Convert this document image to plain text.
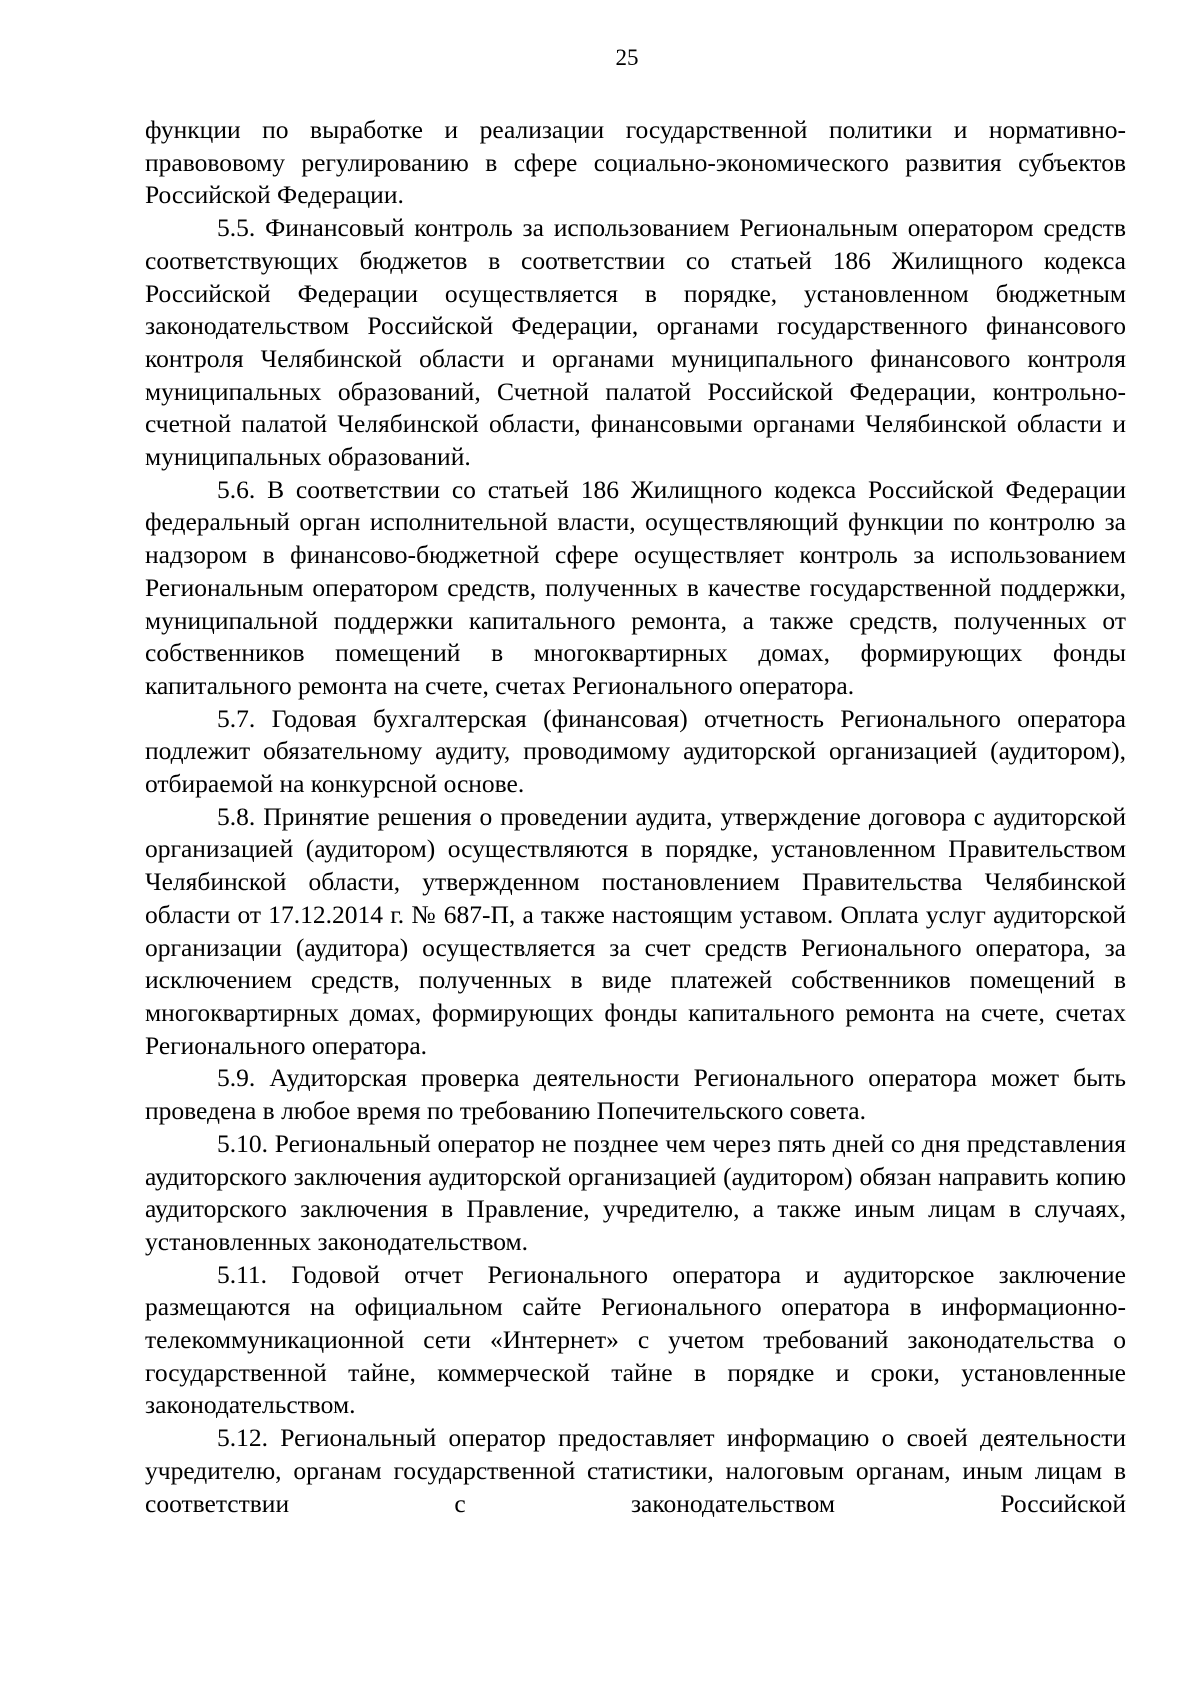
25

функции по выработке и реализации государственной политики и нормативно-правововому регулированию в сфере социально-экономического развития субъектов Российской Федерации.

5.5. Финансовый контроль за использованием Региональным оператором средств соответствующих бюджетов в соответствии со статьей 186 Жилищного кодекса Российской Федерации осуществляется в порядке, установленном бюджетным законодательством Российской Федерации, органами государственного финансового контроля Челябинской области и органами муниципального финансового контроля муниципальных образований, Счетной палатой Российской Федерации, контрольно-счетной палатой Челябинской области, финансовыми органами Челябинской области и муниципальных образований.

5.6. В соответствии со статьей 186 Жилищного кодекса Российской Федерации федеральный орган исполнительной власти, осуществляющий функции по контролю за надзором в финансово-бюджетной сфере осуществляет контроль за использованием Региональным оператором средств, полученных в качестве государственной поддержки, муниципальной поддержки капитального ремонта, а также средств, полученных от собственников помещений в многоквартирных домах, формирующих фонды капитального ремонта на счете, счетах Регионального оператора.

5.7. Годовая бухгалтерская (финансовая) отчетность Регионального оператора подлежит обязательному аудиту, проводимому аудиторской организацией (аудитором), отбираемой на конкурсной основе.

5.8. Принятие решения о проведении аудита, утверждение договора с аудиторской организацией (аудитором) осуществляются в порядке, установленном Правительством Челябинской области, утвержденном постановлением Правительства Челябинской области от 17.12.2014 г. № 687-П, а также настоящим уставом. Оплата услуг аудиторской организации (аудитора) осуществляется за счет средств Регионального оператора, за исключением средств, полученных в виде платежей собственников помещений в многоквартирных домах, формирующих фонды капитального ремонта на счете, счетах Регионального оператора.

5.9. Аудиторская проверка деятельности Регионального оператора может быть проведена в любое время по требованию Попечительского совета.

5.10. Региональный оператор не позднее чем через пять дней со дня представления аудиторского заключения аудиторской организацией (аудитором) обязан направить копию аудиторского заключения в Правление, учредителю, а также иным лицам в случаях, установленных законодательством.

5.11. Годовой отчет Регионального оператора и аудиторское заключение размещаются на официальном сайте Регионального оператора в информационно-телекоммуникационной сети «Интернет» с учетом требований законодательства о государственной тайне, коммерческой тайне в порядке и сроки, установленные законодательством.

5.12. Региональный оператор предоставляет информацию о своей деятельности учредителю, органам государственной статистики, налоговым органам, иным лицам в соответствии с законодательством Российской
